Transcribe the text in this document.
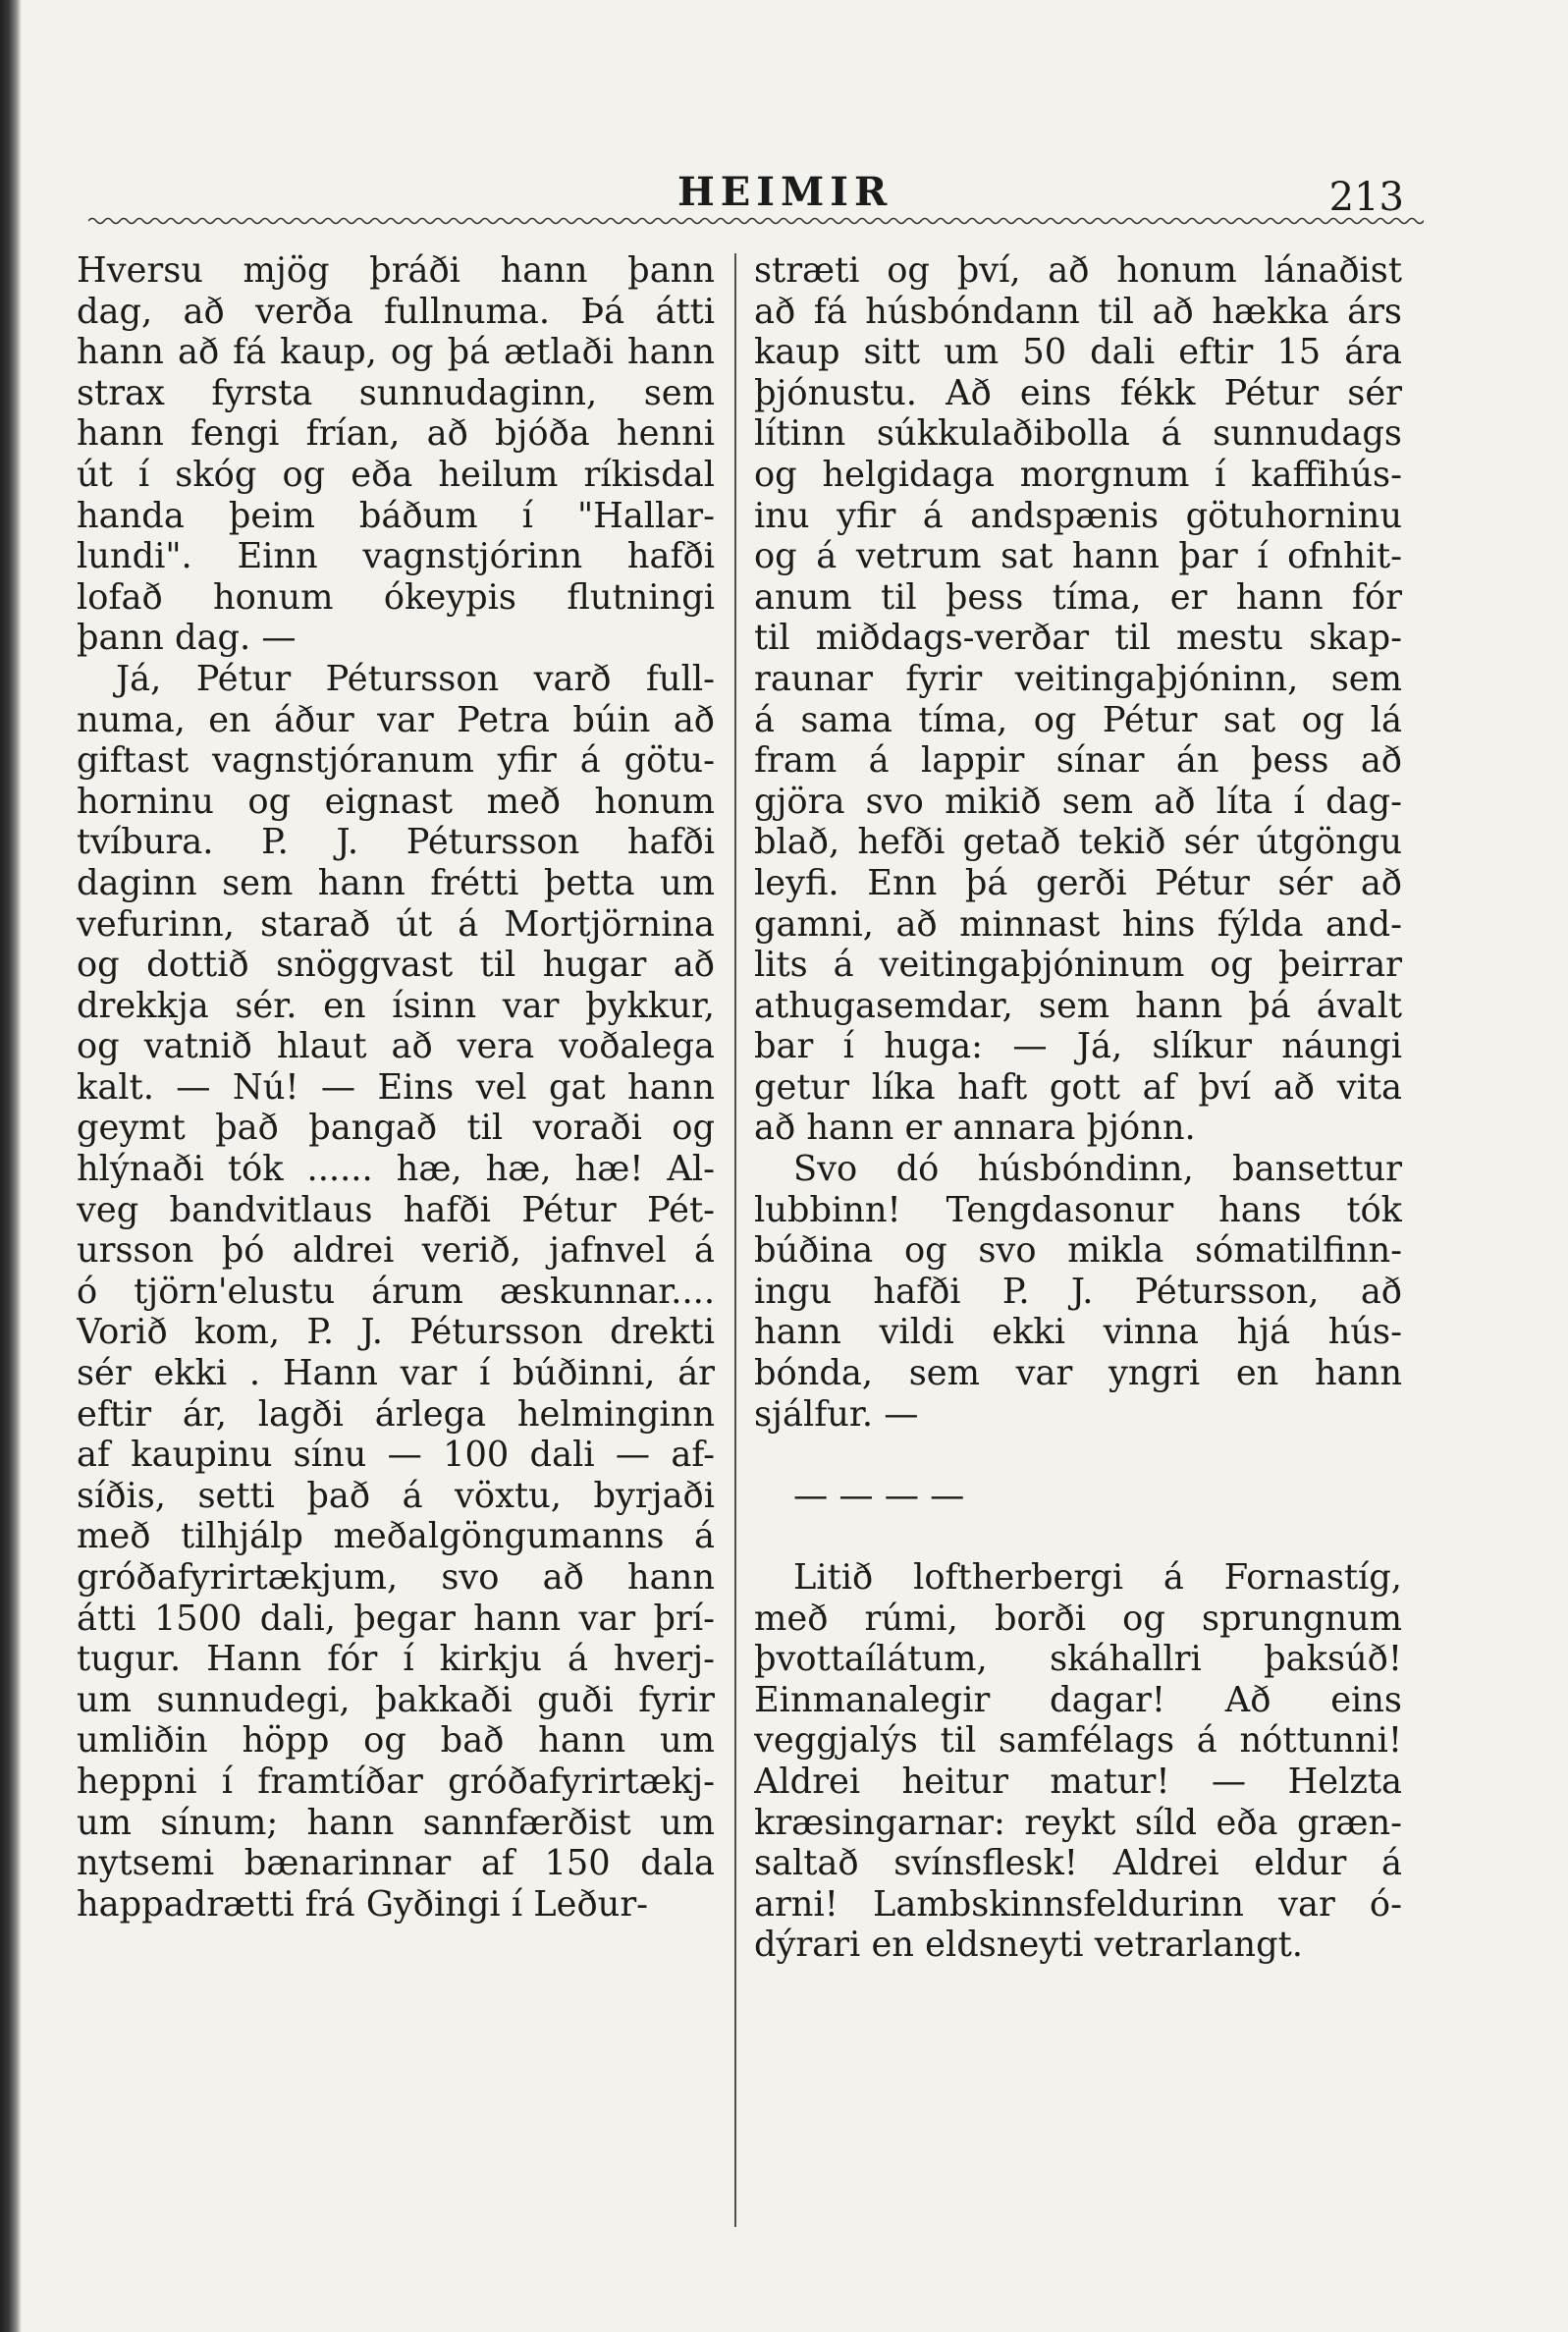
HEIMIR	213
Hversu mjög þráði hann þann
dag, að verða fullnuma. Þá átti
hann að fá kaup, og þá ætlaði hann
strax fyrsta sunnudaginn, sem
hann fengi frían, að bjóða henni
út í skóg og eða heilum ríkisdal
handa þeim báðum í "Hallar-
lundi". Einn vagnstjórinn hafði
lofað honum ókeypis flutningi
þann dag. —
Já, Pétur Pétursson varð full-
numa, en áður var Petra búin að
giftast vagnstjóranum yfir á götu-
horninu og eignast með honum
tvíbura. P. J. Pétursson hafði
daginn sem hann frétti þetta um
vefurinn, starað út á Mortjörnina
og dottið snöggvast til hugar að
drekkja sér. en ísinn var þykkur,
og vatnið hlaut að vera voðalega
kalt. — Nú! — Eins vel gat hann
geymt það þangað til voraði og
hlýnaði tók ...... hæ, hæ, hæ! Al-
veg bandvitlaus hafði Pétur Pét-
ursson þó aldrei verið, jafnvel á
ó tjörn'elustu árum æskunnar....
Vorið kom, P. J. Pétursson drekti
sér ekki . Hann var í búðinni, ár
eftir ár, lagði árlega helminginn
af kaupinu sínu — 100 dali — af-
síðis, setti það á vöxtu, byrjaði
með tilhjálp meðalgöngumanns á
gróðafyrirtækjum, svo að hann
átti 1500 dali, þegar hann var þrí-
tugur. Hann fór í kirkju á hverj-
um sunnudegi, þakkaði guði fyrir
umliðin höpp og bað hann um
heppni í framtíðar gróðafyrirtækj-
um sínum; hann sannfærðist um
nytsemi bænarinnar af 150 dala
happadrætti frá Gyðingi í Leður-
stræti og því, að honum lánaðist
að fá húsbóndann til að hækka árs
kaup sitt um 50 dali eftir 15 ára
þjónustu. Að eins fékk Pétur sér
lítinn súkkulaðibolla á sunnudags
og helgidaga morgnum í kaffihús-
inu yfir á andspænis götuhorninu
og á vetrum sat hann þar í ofnhit-
anum til þess tíma, er hann fór
til miðdags-verðar til mestu skap-
raunar fyrir veitingaþjóninn, sem
á sama tíma, og Pétur sat og lá
fram á lappir sínar án þess að
gjöra svo mikið sem að líta í dag-
blað, hefði getað tekið sér útgöngu
leyfi. Enn þá gerði Pétur sér að
gamni, að minnast hins fýlda and-
lits á veitingaþjóninum og þeirrar
athugasemdar, sem hann þá ávalt
bar í huga: — Já, slíkur náungi
getur líka haft gott af því að vita
að hann er annara þjónn.
Svo dó húsbóndinn, bansettur
lubbinn! Tengdasonur hans tók
búðina og svo mikla sómatilfinn-
ingu hafði P. J. Pétursson, að
hann vildi ekki vinna hjá hús-
bónda, sem var yngri en hann
sjálfur. —
— — — —
Litið loftherbergi á Fornastíg,
með rúmi, borði og sprungnum
þvottaílátum, skáhallri þaksúð!
Einmanalegir dagar! Að eins
veggjalýs til samfélags á nóttunni!
Aldrei heitur matur! — Helzta
kræsingarnar: reykt síld eða græn-
saltað svínsflesk! Aldrei eldur á
arni! Lambskinnsfeldurinn var ó-
dýrari en eldsneyti vetrarlangt.
